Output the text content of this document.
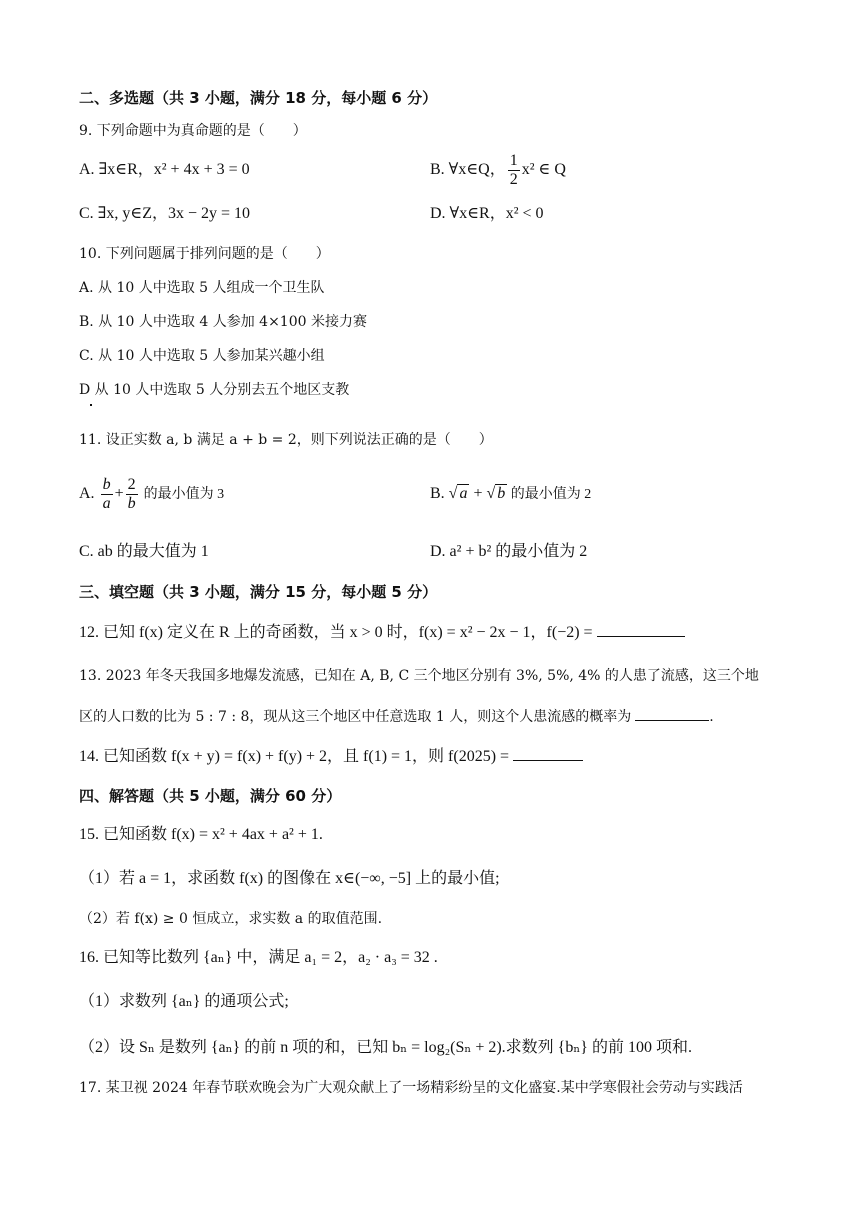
二、多选题（共 3 小题，满分 18 分，每小题 6 分）
9. 下列命题中为真命题的是（　　）
A. ∃x∈R，x² + 4x + 3 = 0	B. ∀x∈Q， $\frac{1}{2} x^2$ ∈ Q
C. ∃x, y∈Z，3x − 2y = 10	D. ∀x∈R，x² < 0
10. 下列问题属于排列问题的是（　　）
A. 从 10 人中选取 5 人组成一个卫生队
B. 从 10 人中选取 4 人参加 4×100 米接力赛
C. 从 10 人中选取 5 人参加某兴趣小组
D 从 10 人中选取 5 人分别去五个地区支教
11. 设正实数 a, b 满足 a + b = 2，则下列说法正确的是（　　）
A. $\frac{b}{a} + \frac{2}{b}$ 的最小值为 3	B. √ a + √ b 的最小值为 2
C. ab 的最大值为 1	D. a² + b² 的最小值为 2
三、填空题（共 3 小题，满分 15 分，每小题 5 分）
12. 已知 f(x) 定义在 R 上的奇函数，当 x > 0 时，f(x) = x² − 2x − 1，f(−2) =
13. 2023 年冬天我国多地爆发流感，已知在 A, B, C 三个地区分别有 3%, 5%, 4% 的人患了流感，这三个地
区的人口数的比为 5 : 7 : 8，现从这三个地区中任意选取 1 人，则这个人患流感的概率为	.
14. 已知函数 f(x + y) = f(x) + f(y) + 2，且 f(1) = 1，则 f(2025) =
四、解答题（共 5 小题，满分 60 分）
15. 已知函数 f(x) = x² + 4ax + a² + 1.
（1）若 a = 1，求函数 f(x) 的图像在 x∈(−∞, −5] 上的最小值;
（2）若 f(x) ≥ 0 恒成立，求实数 a 的取值范围.
16. 已知等比数列 {aₙ} 中，满足 a₁ = 2，a₂ · a₃ = 32 .
（1）求数列 {aₙ} 的通项公式;
（2）设 Sₙ 是数列 {aₙ} 的前 n 项的和，已知 bₙ = log₂(Sₙ + 2).求数列 {bₙ} 的前 100 项和.
17. 某卫视 2024 年春节联欢晚会为广大观众献上了一场精彩纷呈的文化盛宴.某中学寒假社会劳动与实践活
